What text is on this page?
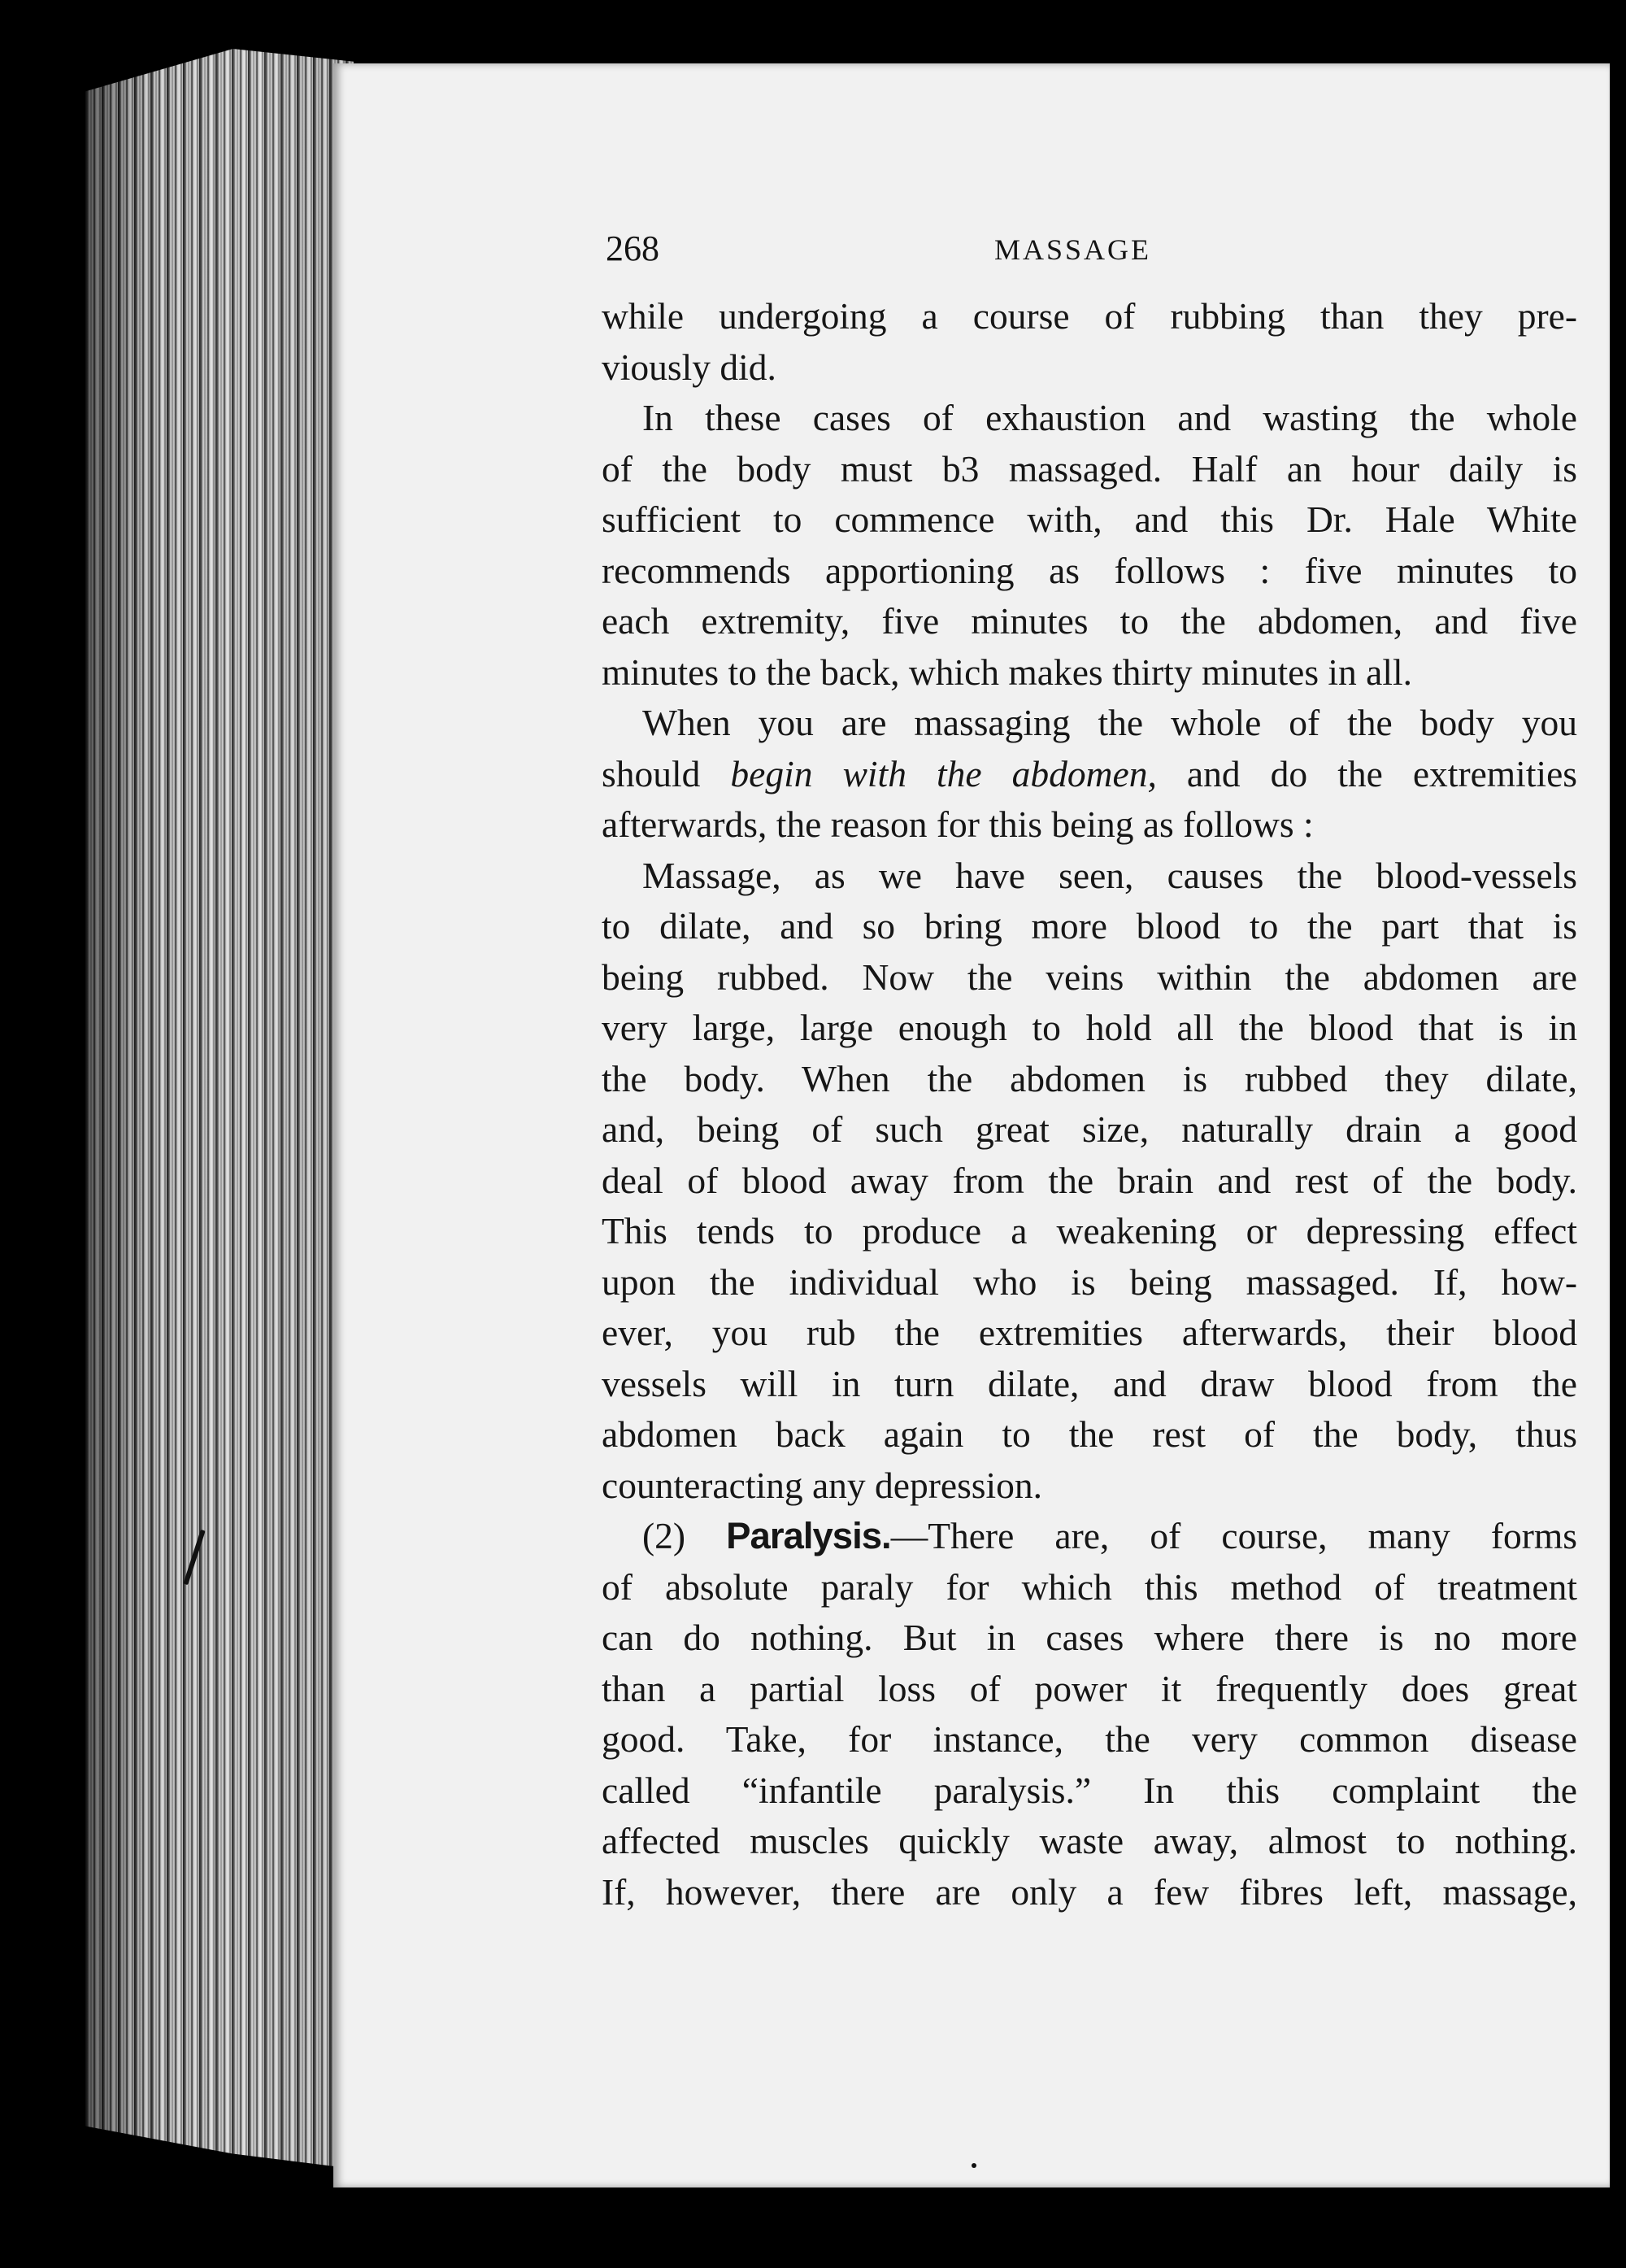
268	MASSAGE
while undergoing a course of rubbing than they pre-
viously did.
In these cases of exhaustion and wasting the whole
of the body must b3 massaged. Half an hour daily is
sufficient to commence with, and this Dr. Hale White
recommends apportioning as follows : five minutes to
each extremity, five minutes to the abdomen, and five
minutes to the back, which makes thirty minutes in all.
When you are massaging the whole of the body you
should begin with the abdomen, and do the extremities
afterwards, the reason for this being as follows :
Massage, as we have seen, causes the blood-vessels
to dilate, and so bring more blood to the part that is
being rubbed. Now the veins within the abdomen are
very large, large enough to hold all the blood that is in
the body. When the abdomen is rubbed they dilate,
and, being of such great size, naturally drain a good
deal of blood away from the brain and rest of the body.
This tends to produce a weakening or depressing effect
upon the individual who is being massaged. If, how-
ever, you rub the extremities afterwards, their blood
vessels will in turn dilate, and draw blood from the
abdomen back again to the rest of the body, thus
counteracting any depression.
(2) Paralysis.—There are, of course, many forms
of absolute paraly for which this method of treatment
can do nothing. But in cases where there is no more
than a partial loss of power it frequently does great
good. Take, for instance, the very common disease
called “infantile paralysis.” In this complaint the
affected muscles quickly waste away, almost to nothing.
If, however, there are only a few fibres left, massage,
